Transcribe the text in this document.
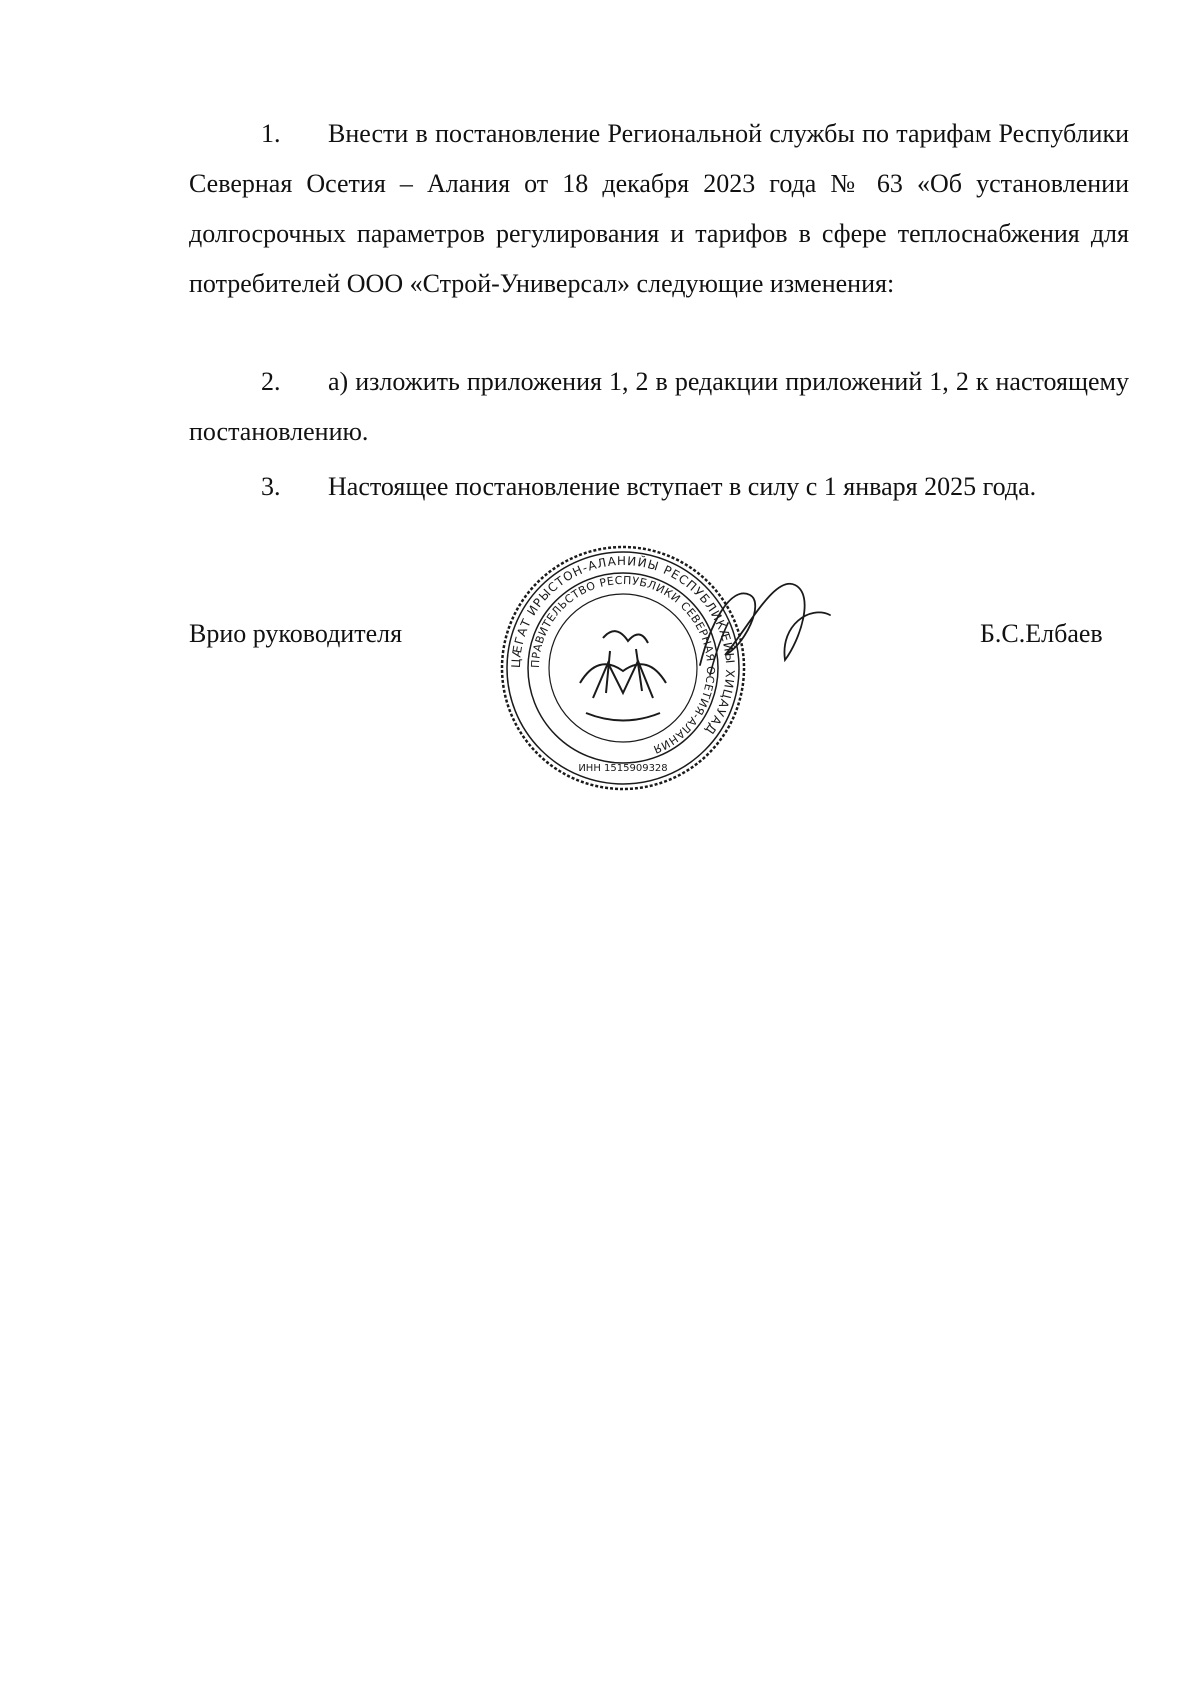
1. Внести в постановление Региональной службы по тарифам Республики Северная Осетия – Алания от 18 декабря 2023 года № 63 «Об установлении долгосрочных параметров регулирования и тарифов в сфере теплоснабжения для потребителей ООО «Строй-Универсал» следующие изменения:

2. а) изложить приложения 1, 2 в редакции приложений 1, 2 к настоящему постановлению.

3. Настоящее постановление вступает в силу с 1 января 2025 года.

Врио руководителя

ЦÆГАТ ИРЫСТОН-АЛАНИЙЫ РЕСПУБЛИКÆЙЫ ХИЦАУАД
ПРАВИТЕЛЬСТВО РЕСПУБЛИКИ СЕВЕРНАЯ ОСЕТИЯ-АЛАНИЯ
ИНН 1515909328

Б.С.Елбаев
